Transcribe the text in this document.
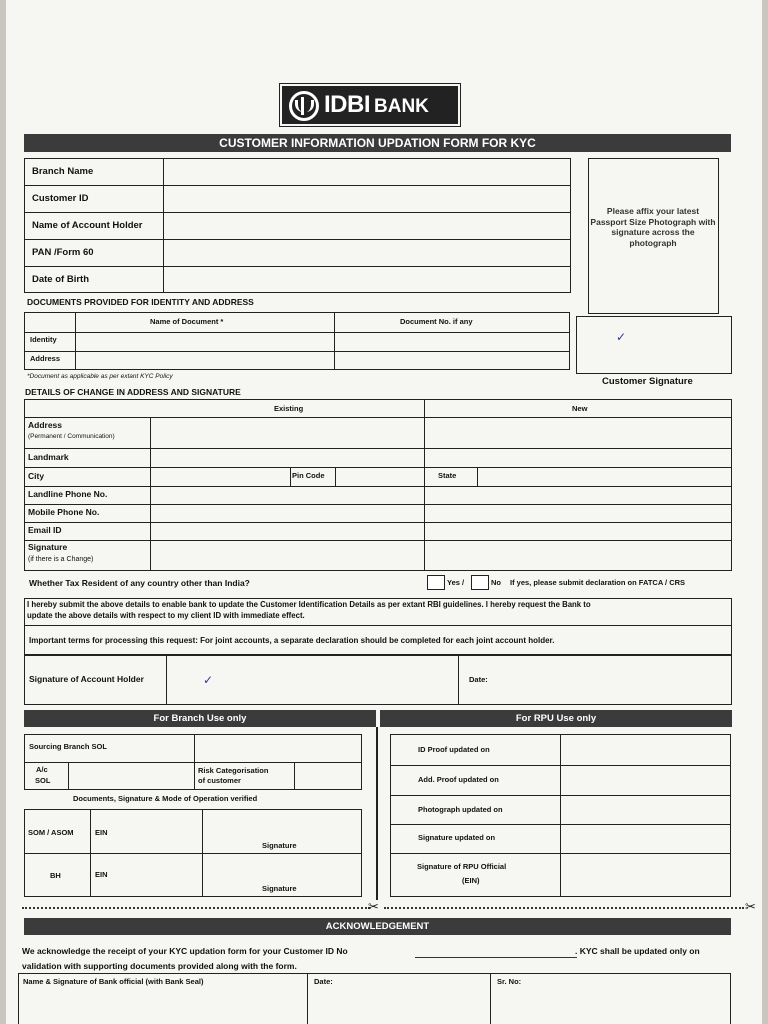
IDBI BANK
CUSTOMER INFORMATION UPDATION FORM FOR KYC
Branch Name
Customer ID
Name of Account Holder
PAN /Form 60
Date of Birth
Please affix your latest Passport Size Photograph with signature across the photograph
✓
Customer Signature
DOCUMENTS PROVIDED FOR IDENTITY AND ADDRESS
Name of Document *	Document No. if any
Identity
Address
*Document as applicable as per extant KYC Policy
DETAILS OF CHANGE IN ADDRESS AND SIGNATURE
Existing	New
Address
(Permanent / Communication)
Landmark
City	Pin Code	State
Landline Phone No.
Mobile Phone No.
Email ID
Signature
(if there is a Change)
Whether Tax Resident of any country other than India?	Yes /	No If yes, please submit declaration on FATCA / CRS
I hereby submit the above details to enable bank to update the Customer Identification Details as per extant RBI guidelines. I hereby request the Bank to
update the above details with respect to my client ID with immediate effect.
Important terms for processing this request: For joint accounts, a separate declaration should be completed for each joint account holder.
Signature of Account Holder	✓	Date:
For Branch Use only	For RPU Use only
Sourcing Branch SOL
A/c
SOL
Risk Categorisation
of customer
Documents, Signature & Mode of Operation verified
SOM / ASOM	EIN
Signature
BH	EIN
Signature
ID Proof updated on
Add. Proof updated on
Photograph updated on
Signature updated on
Signature of RPU Official
(EIN)
✂	✂
ACKNOWLEDGEMENT
We acknowledge the receipt of your KYC updation form for your Customer ID No	. KYC shall be updated only on
validation with supporting documents provided along with the form.
Name & Signature of Bank official (with Bank Seal)	Date:	Sr. No:
